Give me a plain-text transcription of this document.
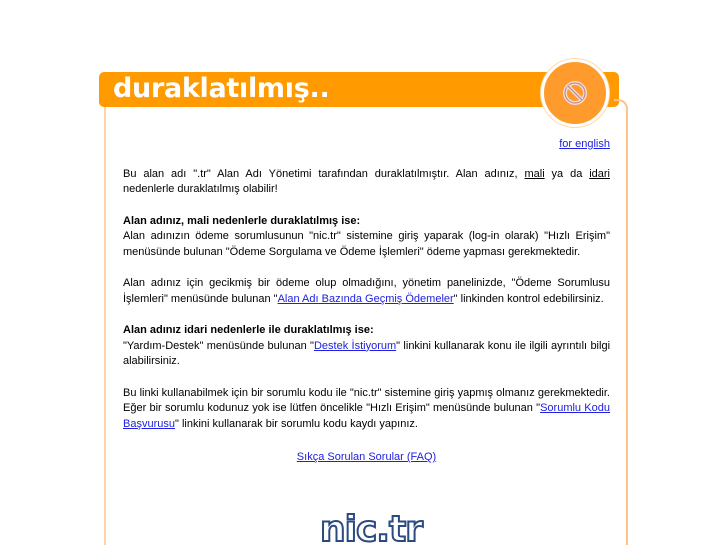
duraklatılmış..
for english

Bu alan adı ".tr" Alan Adı Yönetimi tarafından duraklatılmıştır. Alan adınız, mali ya da idari nedenlerle duraklatılmış olabilir!

Alan adınız, mali nedenlerle duraklatılmış ise:
Alan adınızın ödeme sorumlusunun "nic.tr" sistemine giriş yaparak (log-in olarak) "Hızlı Erişim" menüsünde bulunan "Ödeme Sorgulama ve Ödeme İşlemleri" ödeme yapması gerekmektedir.

Alan adınız için gecikmiş bir ödeme olup olmadığını, yönetim panelinizde, "Ödeme Sorumlusu İşlemleri" menüsünde bulunan "Alan Adı Bazında Geçmiş Ödemeler" linkinden kontrol edebilirsiniz.

Alan adınız idari nedenlerle ile duraklatılmış ise:
"Yardım-Destek" menüsünde bulunan "Destek İstiyorum" linkini kullanarak konu ile ilgili ayrıntılı bilgi alabilirsiniz.

Bu linki kullanabilmek için bir sorumlu kodu ile "nic.tr" sistemine giriş yapmış olmanız gerekmektedir. Eğer bir sorumlu kodunuz yok ise lütfen öncelikle "Hızlı Erişim" menüsünde bulunan "Sorumlu Kodu Başvurusu" linkini kullanarak bir sorumlu kodu kaydı yapınız.

Sıkça Sorulan Sorular (FAQ)
nic.tr
